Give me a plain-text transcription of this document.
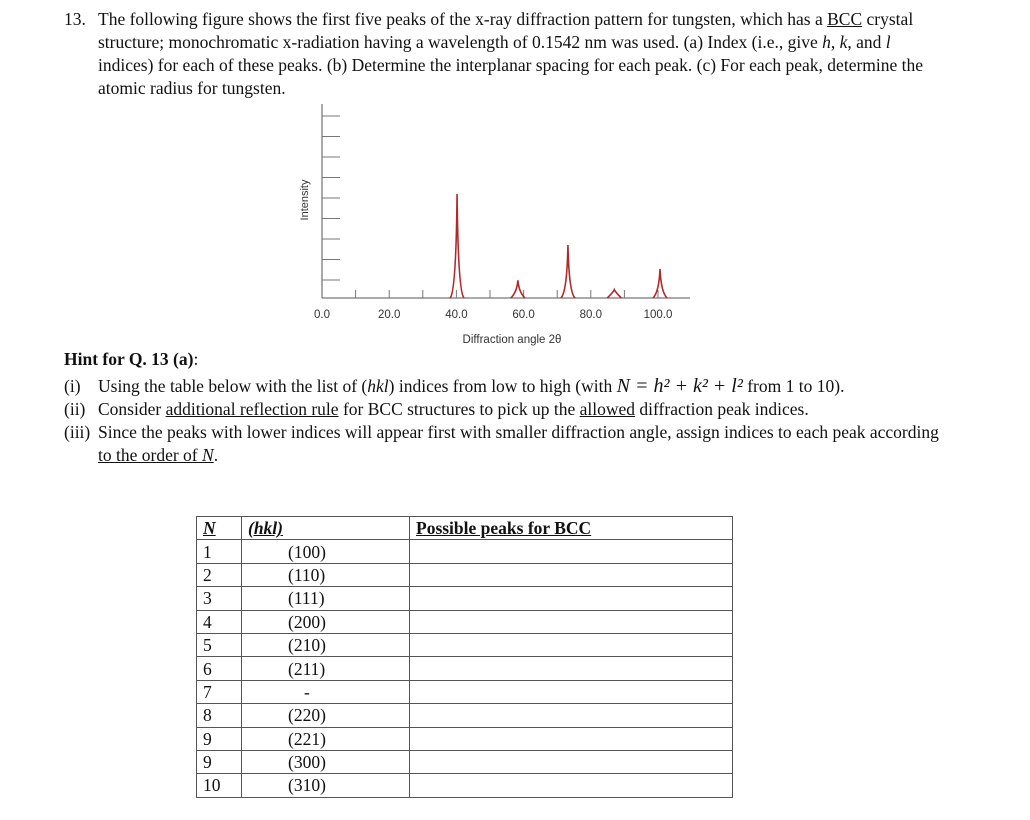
13. The following figure shows the first five peaks of the x-ray diffraction pattern for tungsten, which has a BCC crystal structure; monochromatic x-radiation having a wavelength of 0.1542 nm was used. (a) Index (i.e., give h, k, and l indices) for each of these peaks. (b) Determine the interplanar spacing for each peak. (c) For each peak, determine the atomic radius for tungsten.
0.0	20.0	40.0	60.0	80.0	100.0
Diffraction angle 2θ
Intensity
Hint for Q. 13 (a):
(i) Using the table below with the list of (hkl) indices from low to high (with N = h² + k² + l² from 1 to 10).
(ii) Consider additional reflection rule for BCC structures to pick up the allowed diffraction peak indices.
(iii) Since the peaks with lower indices will appear first with smaller diffraction angle, assign indices to each peak according to the order of N.
N	(hkl)	Possible peaks for BCC
1	(100)	
2	(110)	
3	(111)	
4	(200)	
5	(210)	
6	(211)	
7	-	
8	(220)	
9	(221)	
9	(300)	
10	(310)	
